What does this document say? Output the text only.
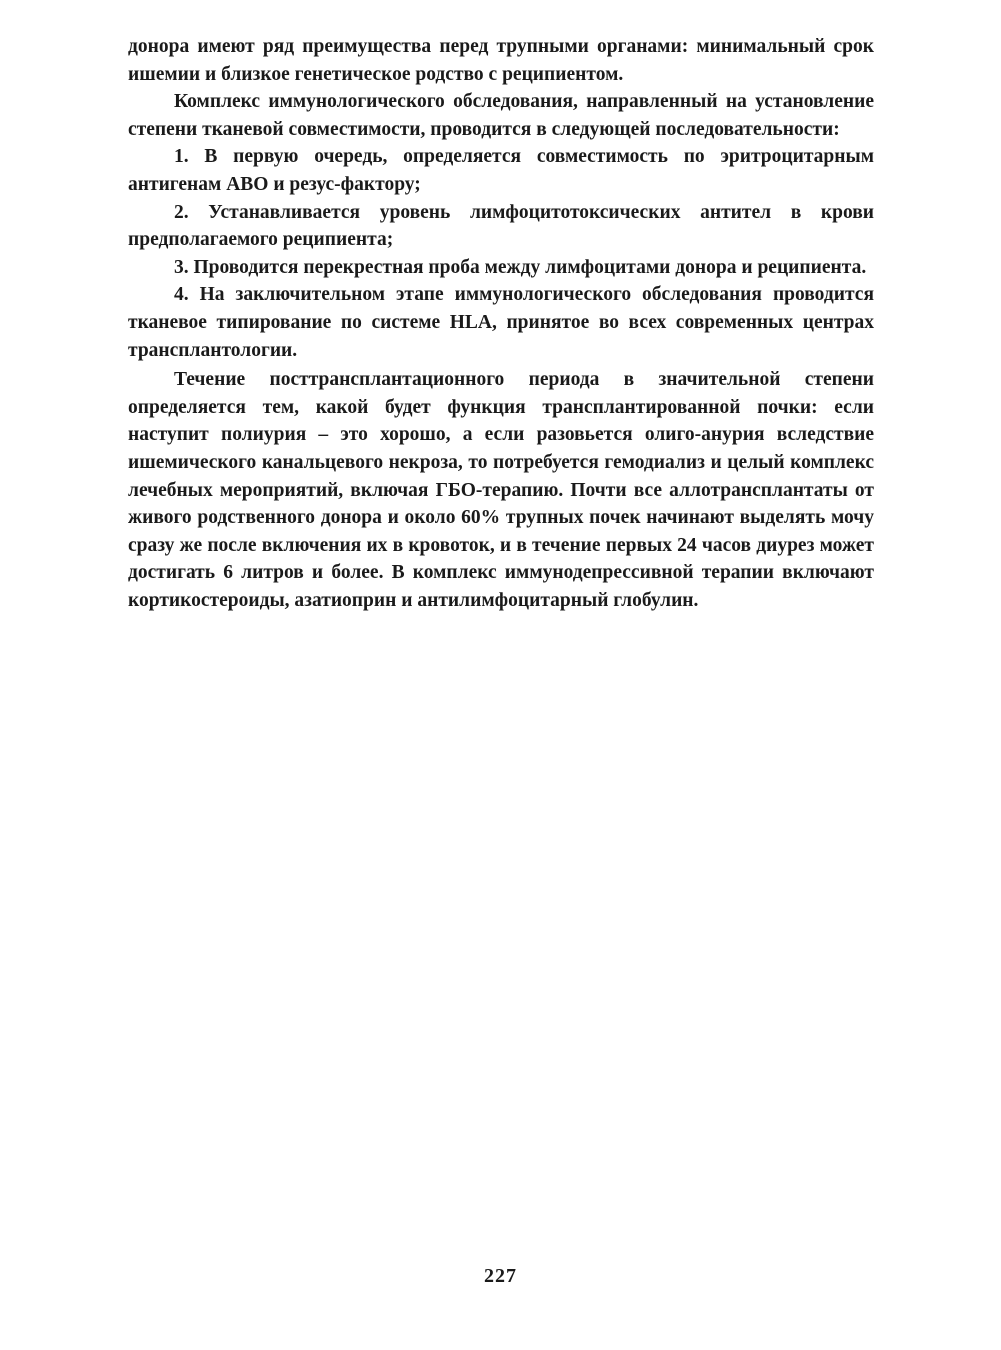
донора имеют ряд преимущества перед трупными органами: минимальный срок ишемии и близкое генетическое родство с реципиентом.

Комплекс иммунологического обследования, направленный на установление степени тканевой совместимости, проводится в следующей последовательности:

1. В первую очередь, определяется совместимость по эритроцитарным антигенам АВО и резус-фактору;

2. Устанавливается уровень лимфоцитотоксических антител в крови предполагаемого реципиента;

3. Проводится перекрестная проба между лимфоцитами донора и реципиента.

4. На заключительном этапе иммунологического обследования проводится тканевое типирование по системе HLA, принятое во всех современных центрах трансплантологии.

Течение посттрансплантационного периода в значительной степени определяется тем, какой будет функция трансплантированной почки: если наступит полиурия – это хорошо, а если разовьется олиго-анурия вследствие ишемического канальцевого некроза, то потребуется гемодиализ и целый комплекс лечебных мероприятий, включая ГБО-терапию. Почти все аллотрансплантаты от живого родственного донора и около 60% трупных почек начинают выделять мочу сразу же после включения их в кровоток, и в течение первых 24 часов диурез может достигать 6 литров и более. В комплекс иммунодепрессивной терапии включают кортикостероиды, азатиоприн и антилимфоцитарный глобулин.

227
